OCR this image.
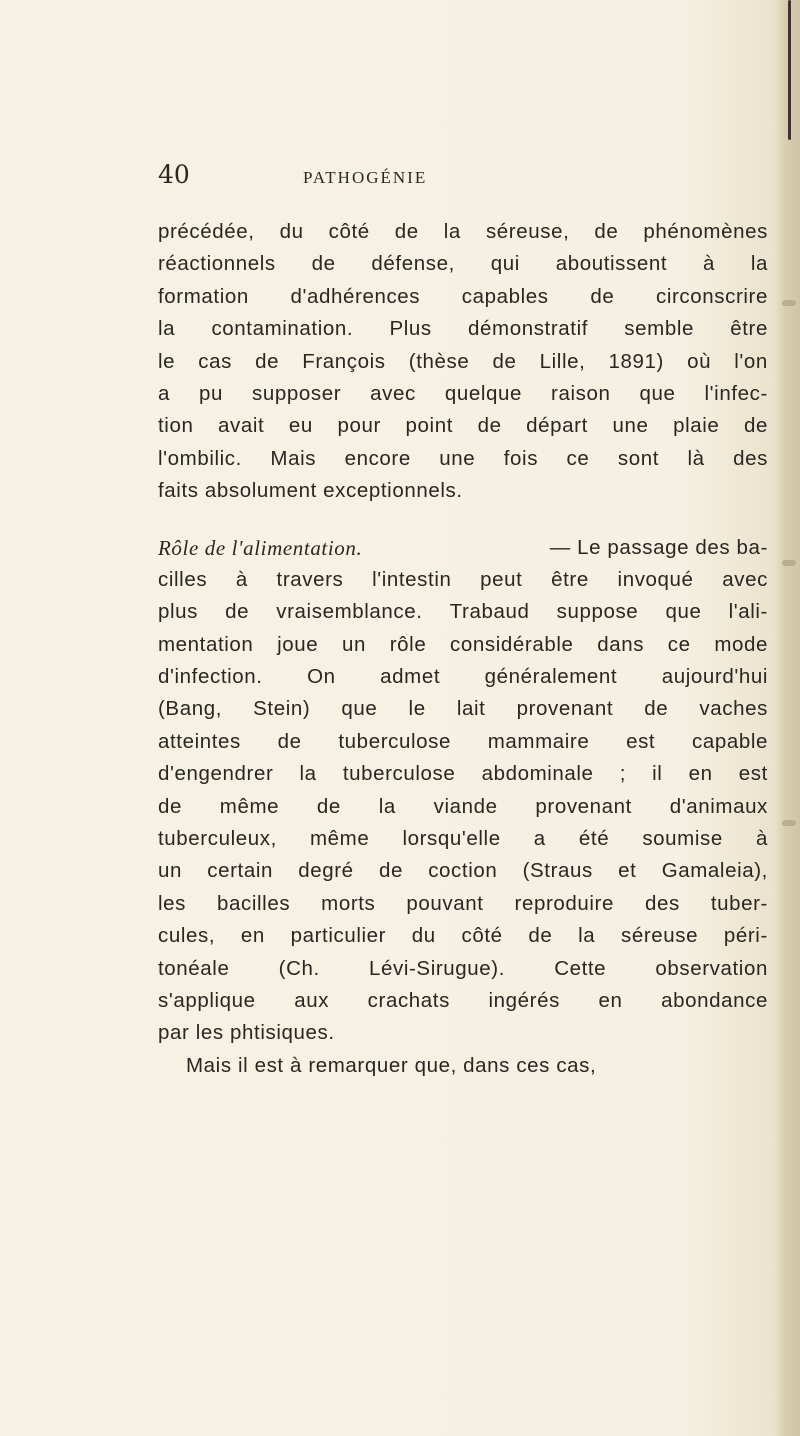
40	PATHOGÉNIE
précédée, du côté de la séreuse, de phénomènes
réactionnels de défense, qui aboutissent à la
formation d'adhérences capables de circonscrire
la contamination. Plus démonstratif semble être
le cas de François (thèse de Lille, 1891) où l'on
a pu supposer avec quelque raison que l'infec-
tion avait eu pour point de départ une plaie de
l'ombilic. Mais encore une fois ce sont là des
faits absolument exceptionnels.
Rôle de l'alimentation.	— Le passage des ba-
cilles à travers l'intestin peut être invoqué avec
plus de vraisemblance. Trabaud suppose que l'ali-
mentation joue un rôle considérable dans ce mode
d'infection. On admet généralement aujourd'hui
(Bang, Stein) que le lait provenant de vaches
atteintes de tuberculose mammaire est capable
d'engendrer la tuberculose abdominale ; il en est
de même de la viande provenant d'animaux
tuberculeux, même lorsqu'elle a été soumise à
un certain degré de coction (Straus et Gamaleia),
les bacilles morts pouvant reproduire des tuber-
cules, en particulier du côté de la séreuse péri-
tonéale (Ch. Lévi-Sirugue). Cette observation
s'applique aux crachats ingérés en abondance
par les phtisiques.
Mais il est à remarquer que, dans ces cas,
